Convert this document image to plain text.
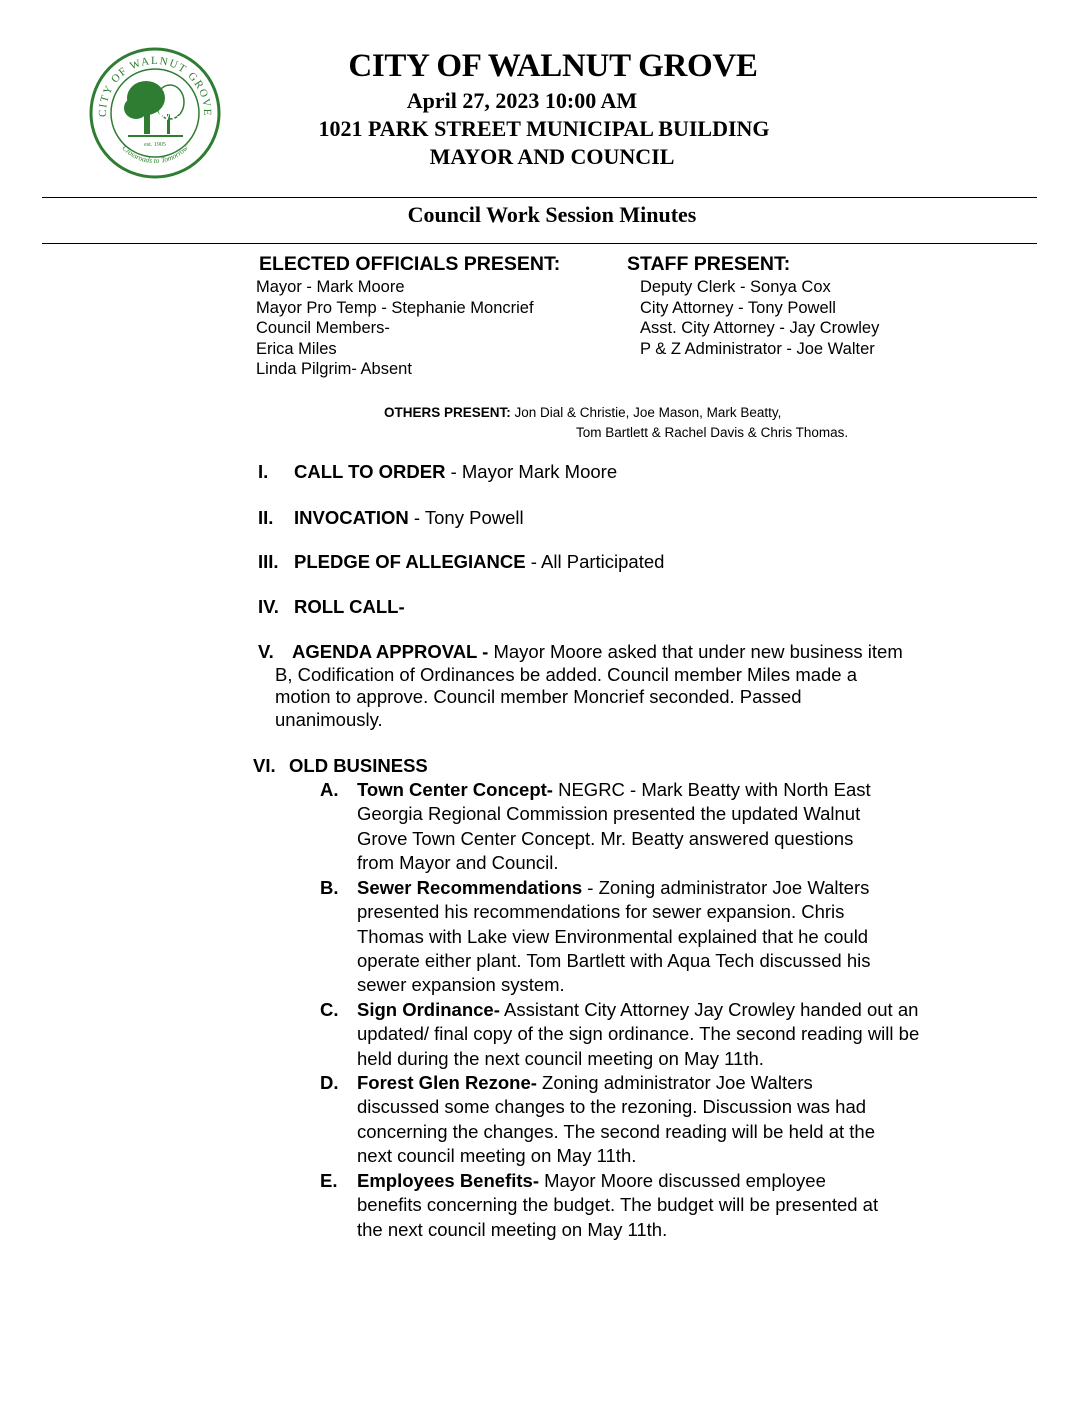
CITY OF WALNUT GROVE
"Crossroads to Tomorrow"
WG
est. 1905
CITY OF WALNUT GROVE
April 27, 2023 10:00 AM
1021 PARK STREET MUNICIPAL BUILDING
MAYOR AND COUNCIL
Council Work Session Minutes
ELECTED OFFICIALS PRESENT:
Mayor - Mark Moore
Mayor Pro Temp - Stephanie Moncrief
Council Members-
Erica Miles
Linda Pilgrim- Absent
STAFF PRESENT:
Deputy Clerk - Sonya Cox
City Attorney - Tony Powell
Asst. City Attorney - Jay Crowley
P & Z Administrator - Joe Walter
OTHERS PRESENT: Jon Dial & Christie, Joe Mason, Mark Beatty,
Tom Bartlett & Rachel Davis & Chris Thomas.
I. CALL TO ORDER - Mayor Mark Moore
II. INVOCATION - Tony Powell
III. PLEDGE OF ALLEGIANCE - All Participated
IV. ROLL CALL-
V. AGENDA APPROVAL - Mayor Moore asked that under new business item
B, Codification of Ordinances be added. Council member Miles made a
motion to approve. Council member Moncrief seconded. Passed
unanimously.
VI. OLD BUSINESS
A. Town Center Concept- NEGRC - Mark Beatty with North East
Georgia Regional Commission presented the updated Walnut
Grove Town Center Concept. Mr. Beatty answered questions
from Mayor and Council.
B. Sewer Recommendations - Zoning administrator Joe Walters
presented his recommendations for sewer expansion. Chris
Thomas with Lake view Environmental explained that he could
operate either plant. Tom Bartlett with Aqua Tech discussed his
sewer expansion system.
C. Sign Ordinance- Assistant City Attorney Jay Crowley handed out an
updated/ final copy of the sign ordinance. The second reading will be
held during the next council meeting on May 11th.
D. Forest Glen Rezone- Zoning administrator Joe Walters
discussed some changes to the rezoning. Discussion was had
concerning the changes. The second reading will be held at the
next council meeting on May 11th.
E. Employees Benefits- Mayor Moore discussed employee
benefits concerning the budget. The budget will be presented at
the next council meeting on May 11th.
